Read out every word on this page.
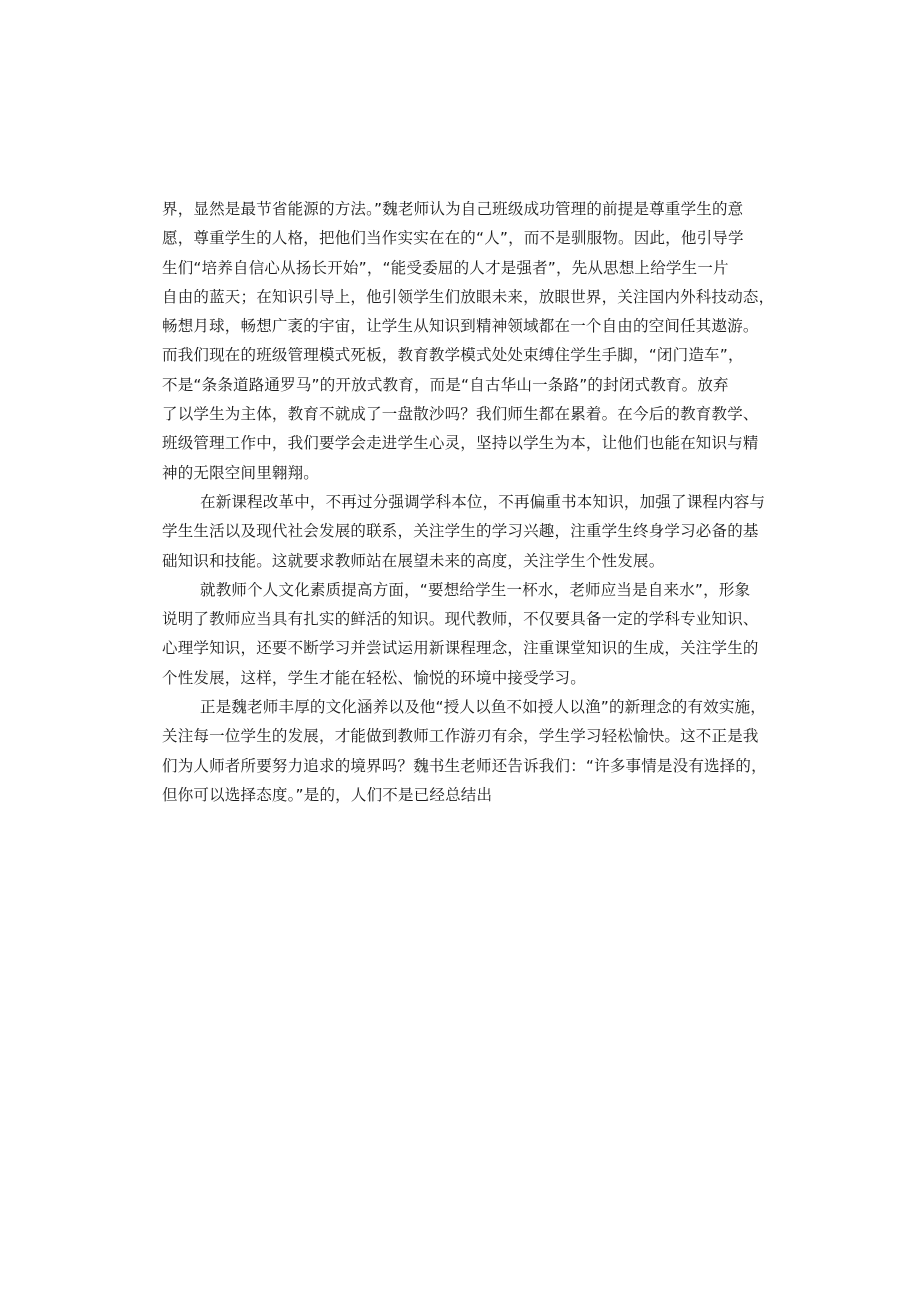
界，显然是最节省能源的方法。”魏老师认为自己班级成功管理的前提是尊重学生的意
愿，尊重学生的人格，把他们当作实实在在的“人”，而不是驯服物。因此，他引导学
生们“培养自信心从扬长开始”，“能受委屈的人才是强者”，先从思想上给学生一片
自由的蓝天；在知识引导上，他引领学生们放眼未来，放眼世界，关注国内外科技动态，
畅想月球，畅想广袤的宇宙，让学生从知识到精神领域都在一个自由的空间任其遨游。
而我们现在的班级管理模式死板，教育教学模式处处束缚住学生手脚，“闭门造车”，
不是“条条道路通罗马”的开放式教育，而是“自古华山一条路”的封闭式教育。放弃
了以学生为主体，教育不就成了一盘散沙吗？我们师生都在累着。在今后的教育教学、
班级管理工作中，我们要学会走进学生心灵，坚持以学生为本，让他们也能在知识与精
神的无限空间里翱翔。
在新课程改革中，不再过分强调学科本位，不再偏重书本知识，加强了课程内容与
学生生活以及现代社会发展的联系，关注学生的学习兴趣，注重学生终身学习必备的基
础知识和技能。这就要求教师站在展望未来的高度，关注学生个性发展。
就教师个人文化素质提高方面，“要想给学生一杯水，老师应当是自来水”，形象
说明了教师应当具有扎实的鲜活的知识。现代教师，不仅要具备一定的学科专业知识、
心理学知识，还要不断学习并尝试运用新课程理念，注重课堂知识的生成，关注学生的
个性发展，这样，学生才能在轻松、愉悦的环境中接受学习。
正是魏老师丰厚的文化涵养以及他“授人以鱼不如授人以渔”的新理念的有效实施，
关注每一位学生的发展，才能做到教师工作游刃有余，学生学习轻松愉快。这不正是我
们为人师者所要努力追求的境界吗？魏书生老师还告诉我们：“许多事情是没有选择的，
但你可以选择态度。”是的，人们不是已经总结出
